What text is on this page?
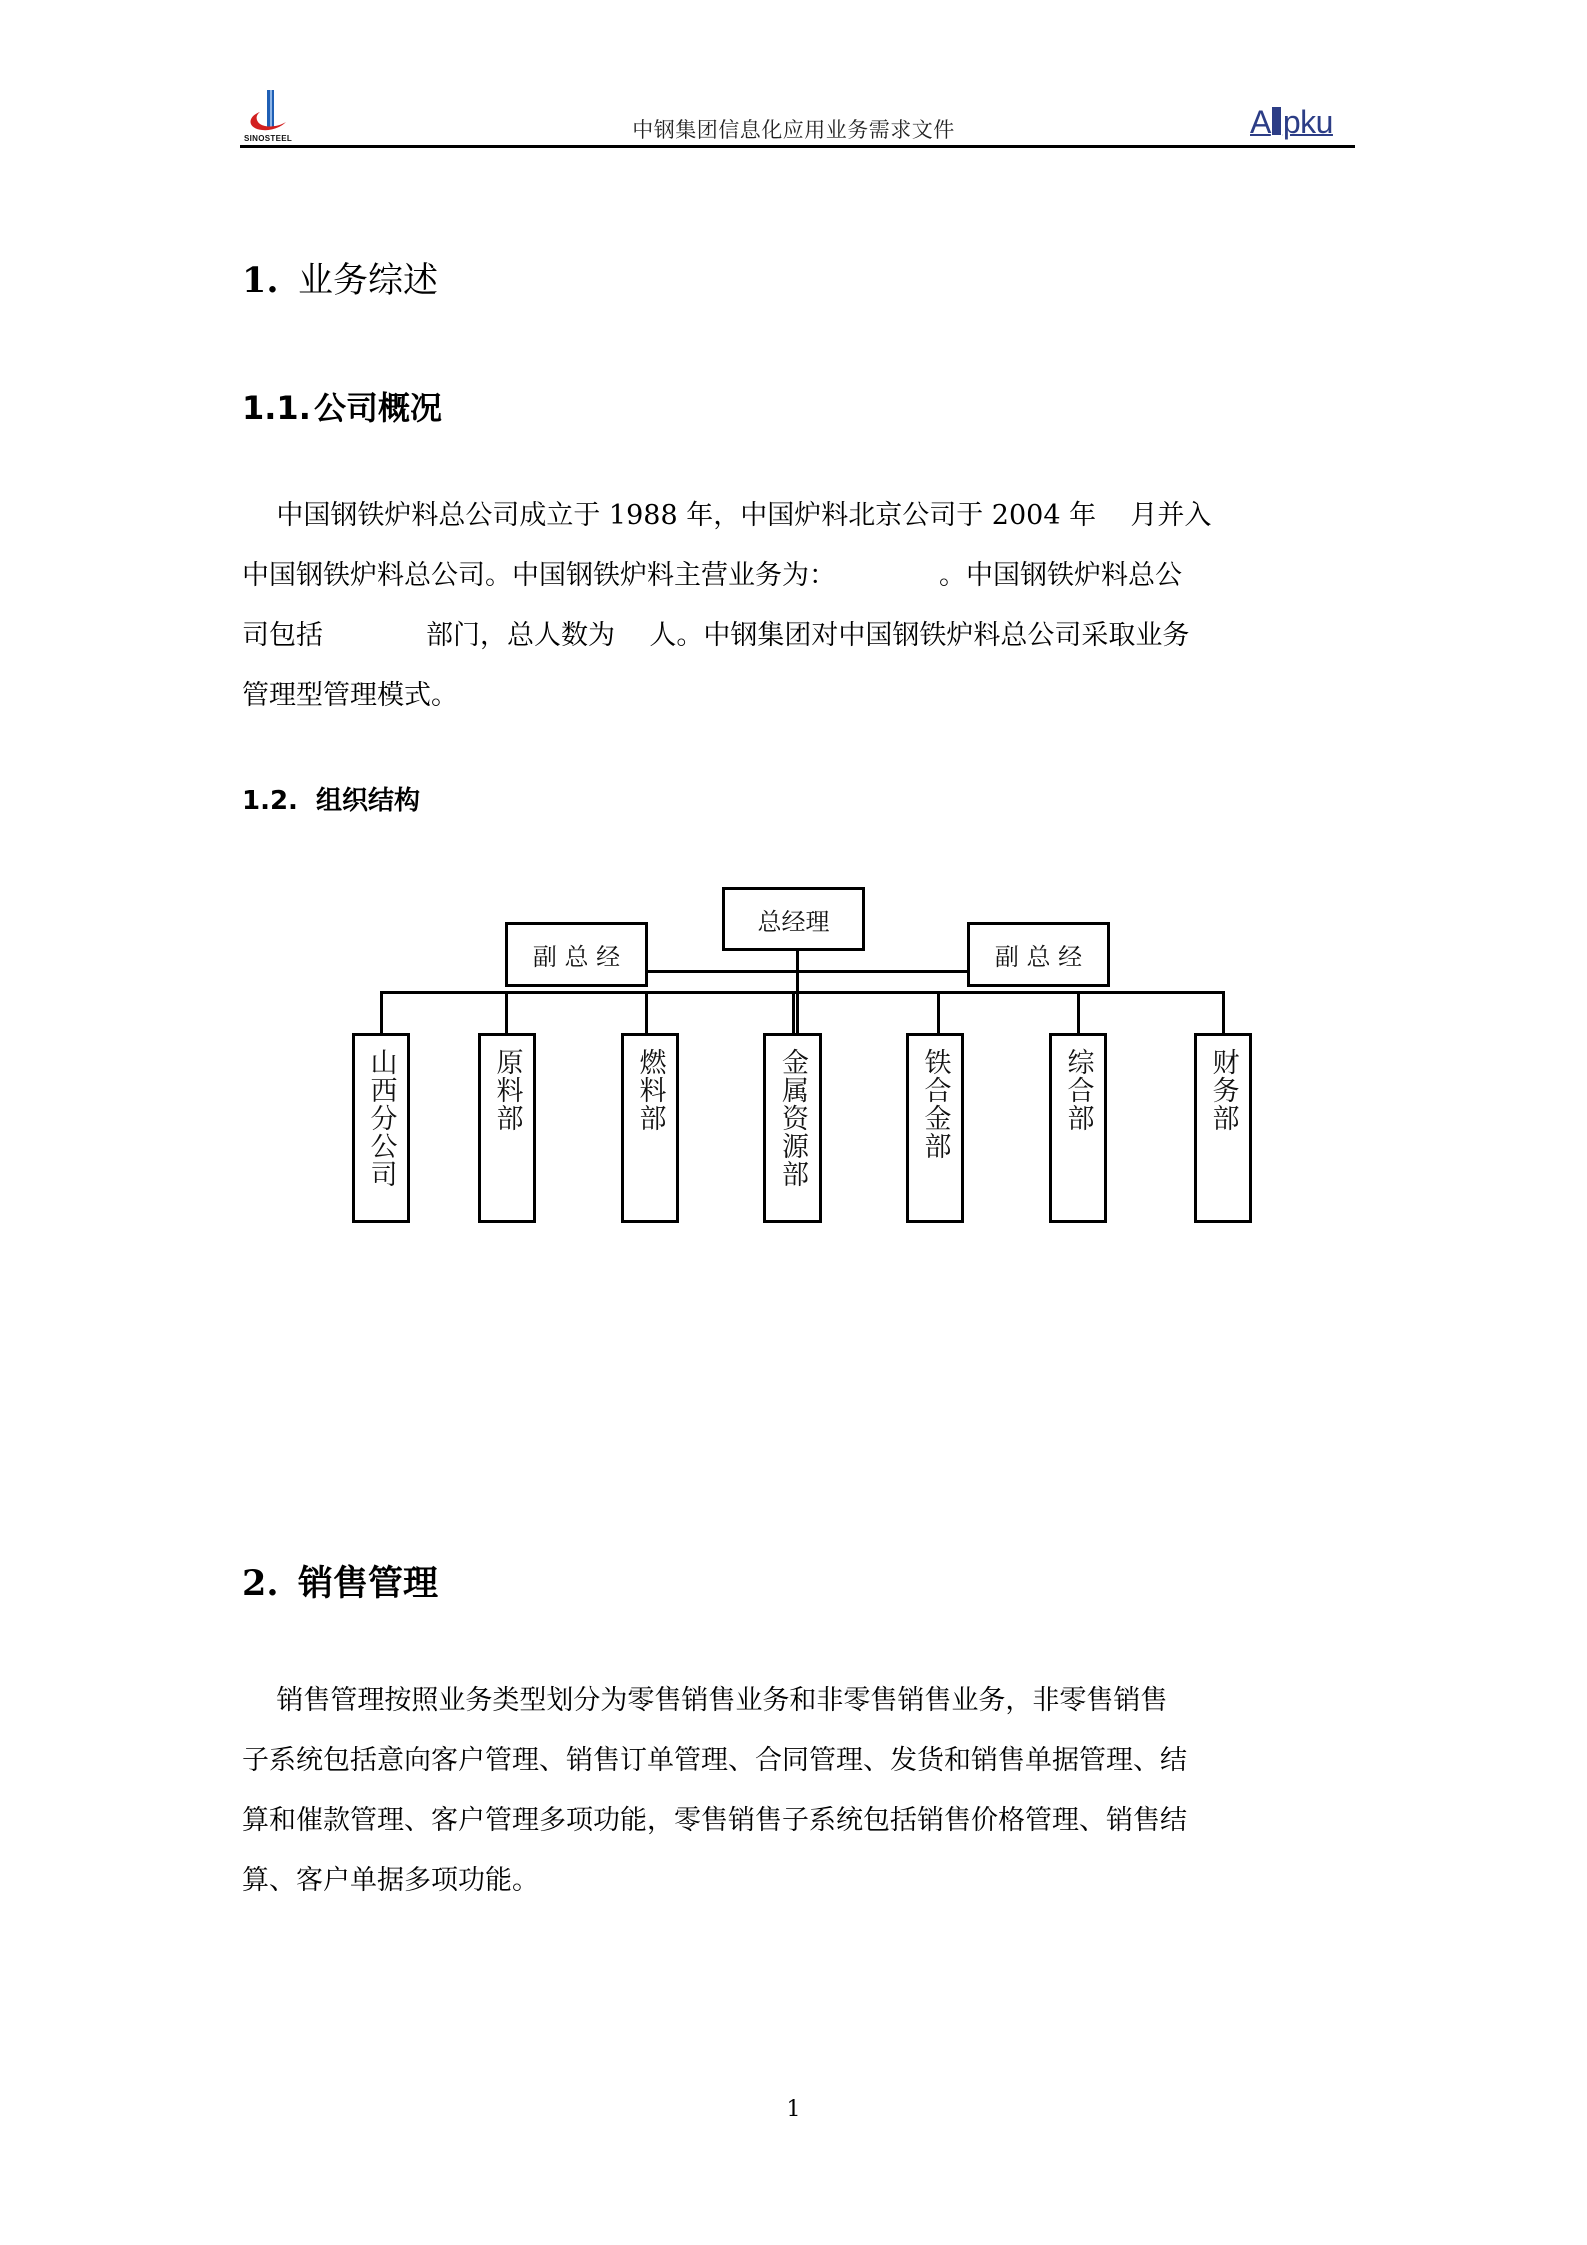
SINOSTEEL	中钢集团信息化应用业务需求文件	A pku
1. 业务综述
1.1.公司概况
中国钢铁炉料总公司成立于 1988 年，中国炉料北京公司于 2004 年    月并入
中国钢铁炉料总公司。中国钢铁炉料主营业务为：            。中国钢铁炉料总公
司包括            部门，总人数为    人。中钢集团对中国钢铁炉料总公司采取业务
管理型管理模式。
1.2. 组织结构
总经理
副 总 经	副 总 经
山西分公司	原料部	燃料部	金属资源部	铁合金部	综合部	财务部
2. 销售管理
销售管理按照业务类型划分为零售销售业务和非零售销售业务，非零售销售
子系统包括意向客户管理、销售订单管理、合同管理、发货和销售单据管理、结
算和催款管理、客户管理多项功能，零售销售子系统包括销售价格管理、销售结
算、客户单据多项功能。
1
